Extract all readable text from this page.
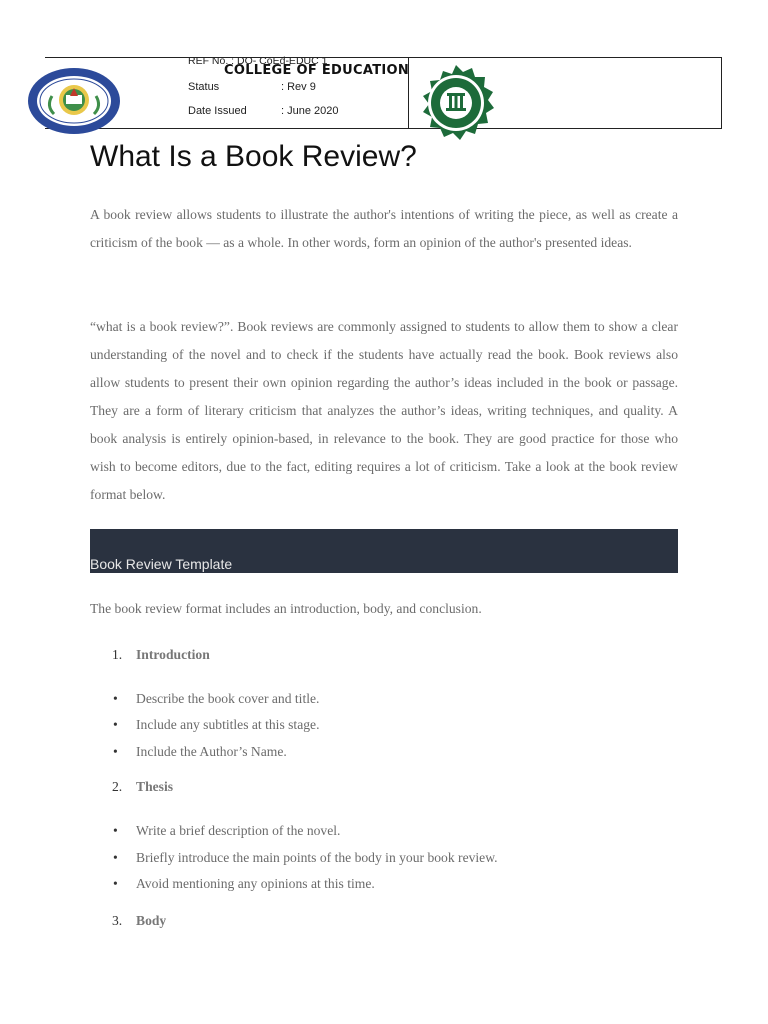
REF No. : DO- CoEd-EDUC 1
COLLEGE OF EDUCATION
Status	: Rev 9
Date Issued	: June 2020
What Is a Book Review?

A book review allows students to illustrate the author's intentions of writing the piece, as well as create a criticism of the book — as a whole. In other words, form an opinion of the author's presented ideas.

“what is a book review?”. Book reviews are commonly assigned to students to allow them to show a clear understanding of the novel and to check if the students have actually read the book. Book reviews also allow students to present their own opinion regarding the author’s ideas included in the book or passage. They are a form of literary criticism that analyzes the author’s ideas, writing techniques, and quality. A book analysis is entirely opinion-based, in relevance to the book. They are good practice for those who wish to become editors, due to the fact, editing requires a lot of criticism. Take a look at the book review format below.

Book Review Template

The book review format includes an introduction, body, and conclusion.

1. Introduction
• Describe the book cover and title.
• Include any subtitles at this stage.
• Include the Author’s Name.
2. Thesis
• Write a brief description of the novel.
• Briefly introduce the main points of the body in your book review.
• Avoid mentioning any opinions at this time.
3. Body
